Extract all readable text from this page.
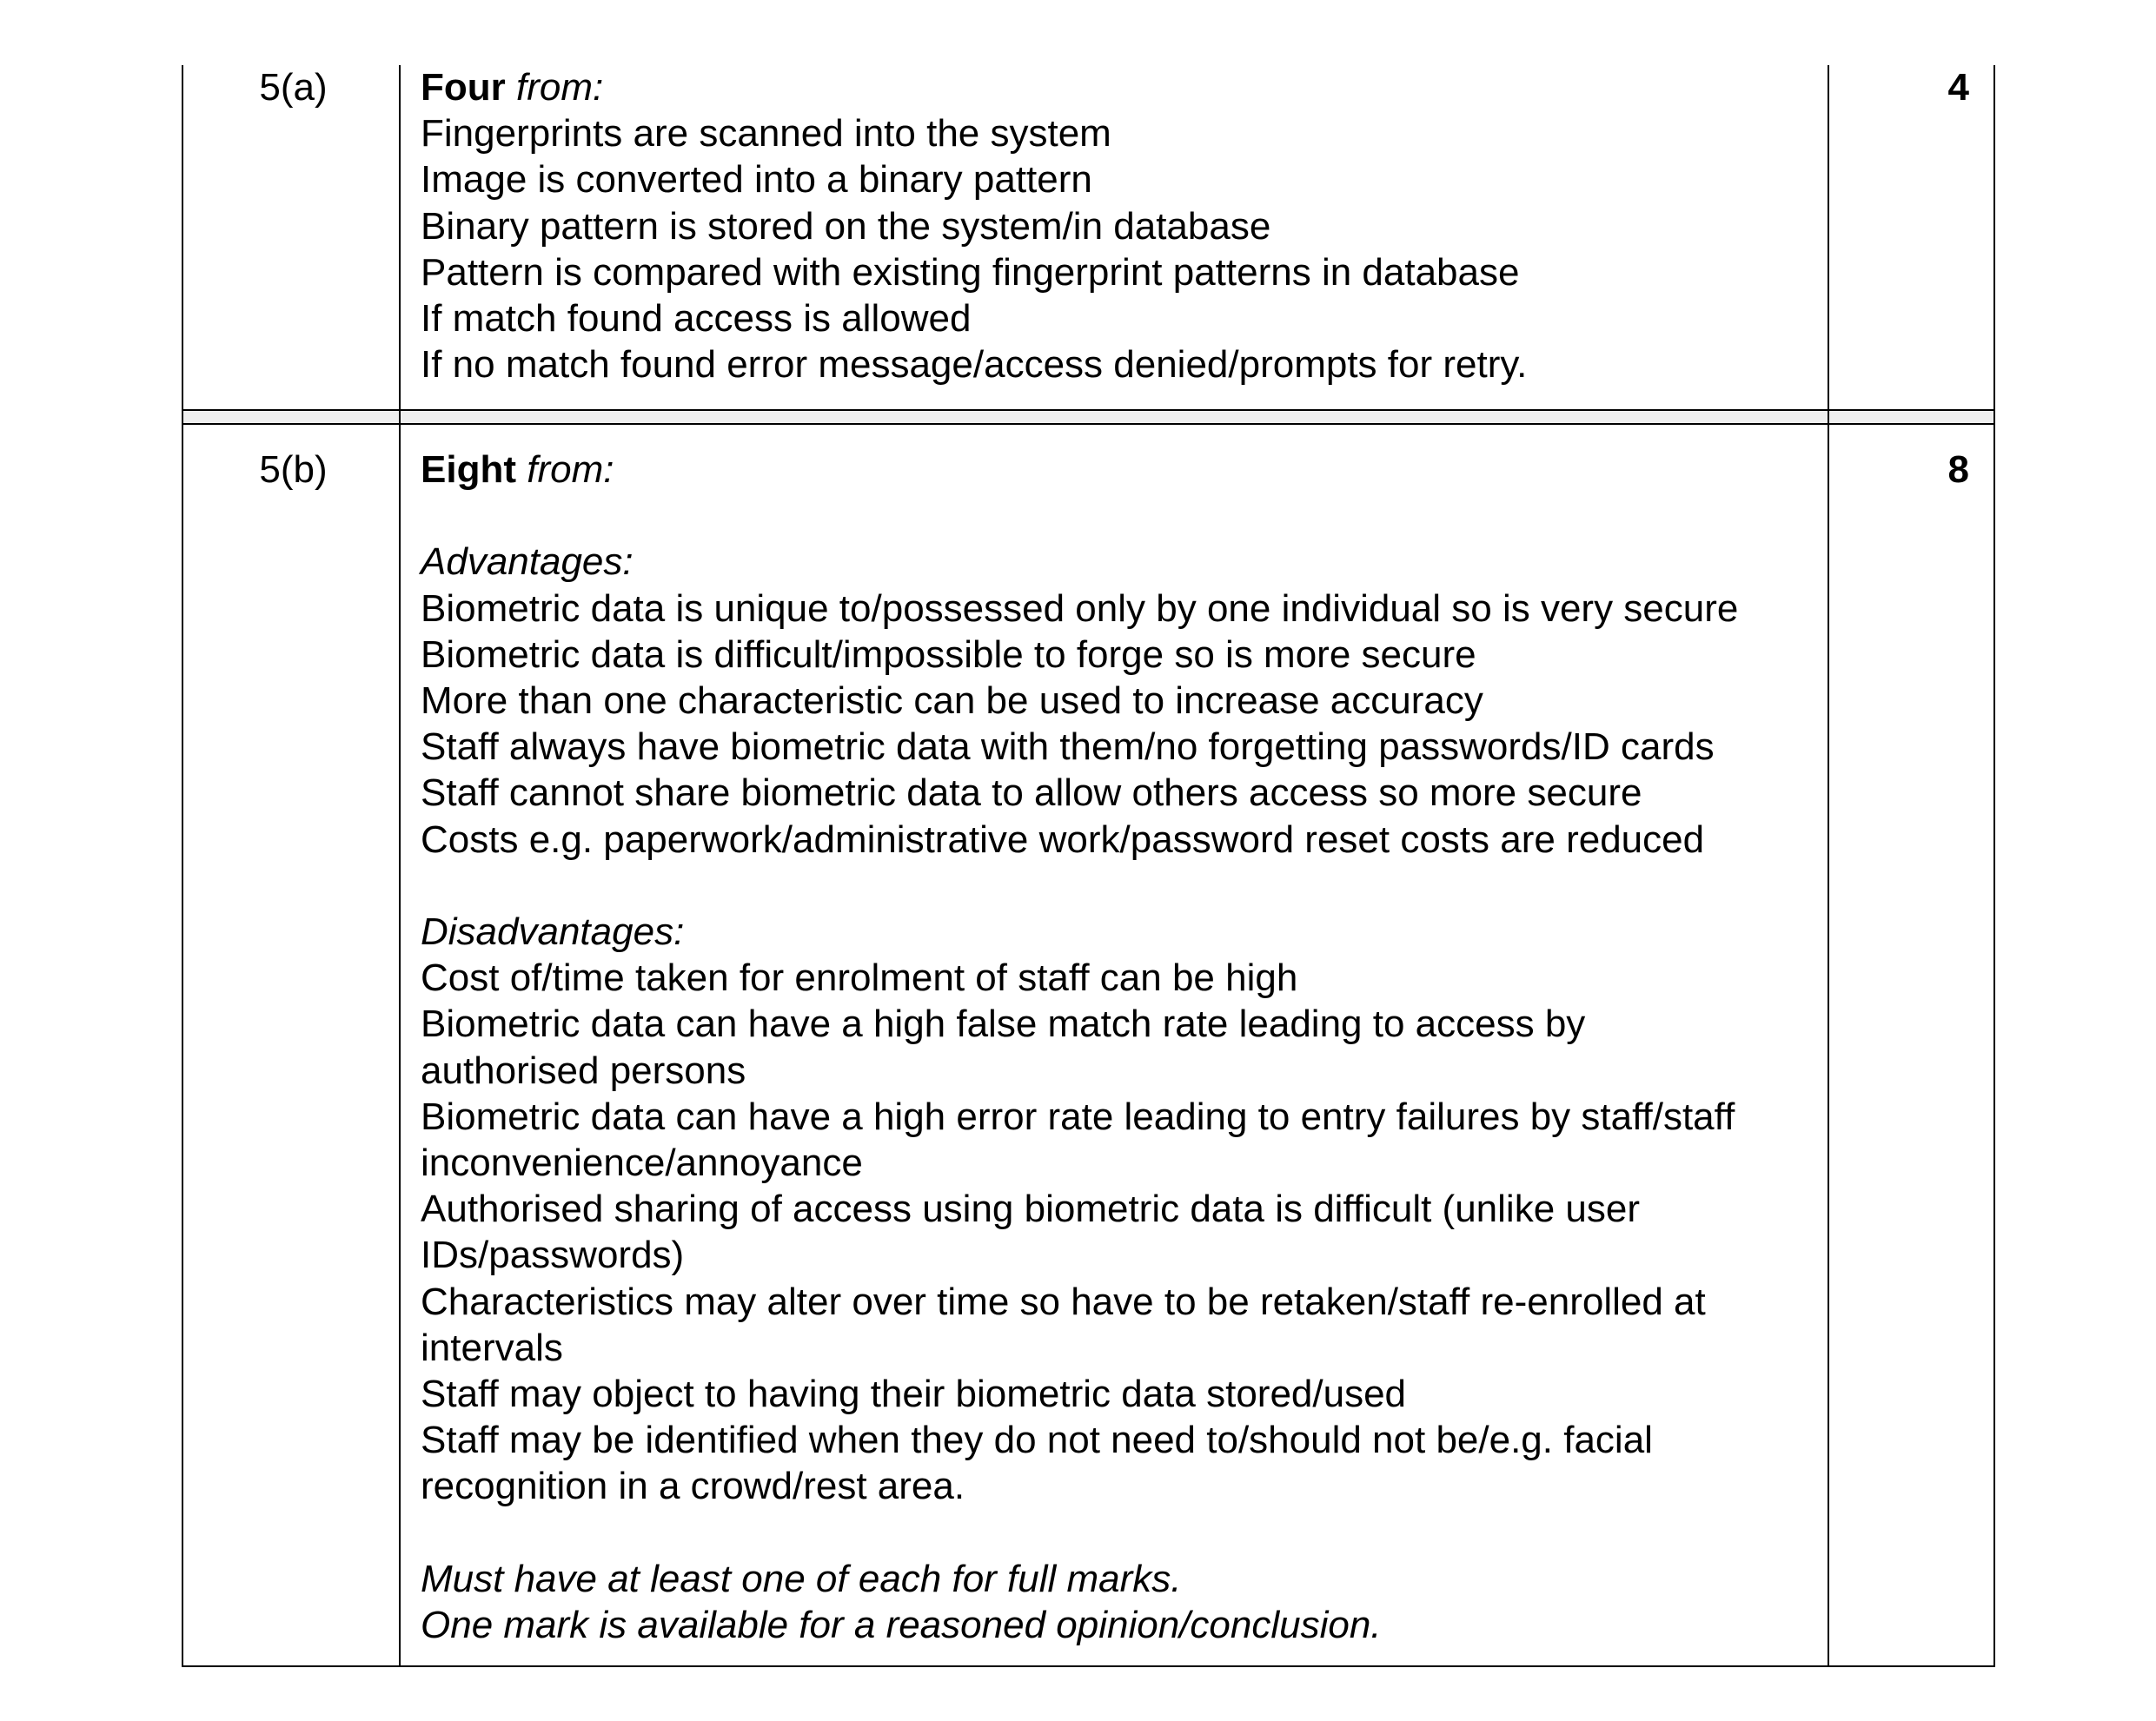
5(a)	4
Four from:
Fingerprints are scanned into the system
Image is converted into a binary pattern
Binary pattern is stored on the system/in database
Pattern is compared with existing fingerprint patterns in database
If match found access is allowed
If no match found error message/access denied/prompts for retry.
5(b)	8
Eight from:
Advantages:
Biometric data is unique to/possessed only by one individual so is very secure
Biometric data is difficult/impossible to forge so is more secure
More than one characteristic can be used to increase accuracy
Staff always have biometric data with them/no forgetting passwords/ID cards
Staff cannot share biometric data to allow others access so more secure
Costs e.g. paperwork/administrative work/password reset costs are reduced
Disadvantages:
Cost of/time taken for enrolment of staff can be high
Biometric data can have a high false match rate leading to access by
authorised persons
Biometric data can have a high error rate leading to entry failures by staff/staff
inconvenience/annoyance
Authorised sharing of access using biometric data is difficult (unlike user
IDs/passwords)
Characteristics may alter over time so have to be retaken/staff re-enrolled at
intervals
Staff may object to having their biometric data stored/used
Staff may be identified when they do not need to/should not be/e.g. facial
recognition in a crowd/rest area.
Must have at least one of each for full marks.
One mark is available for a reasoned opinion/conclusion.
